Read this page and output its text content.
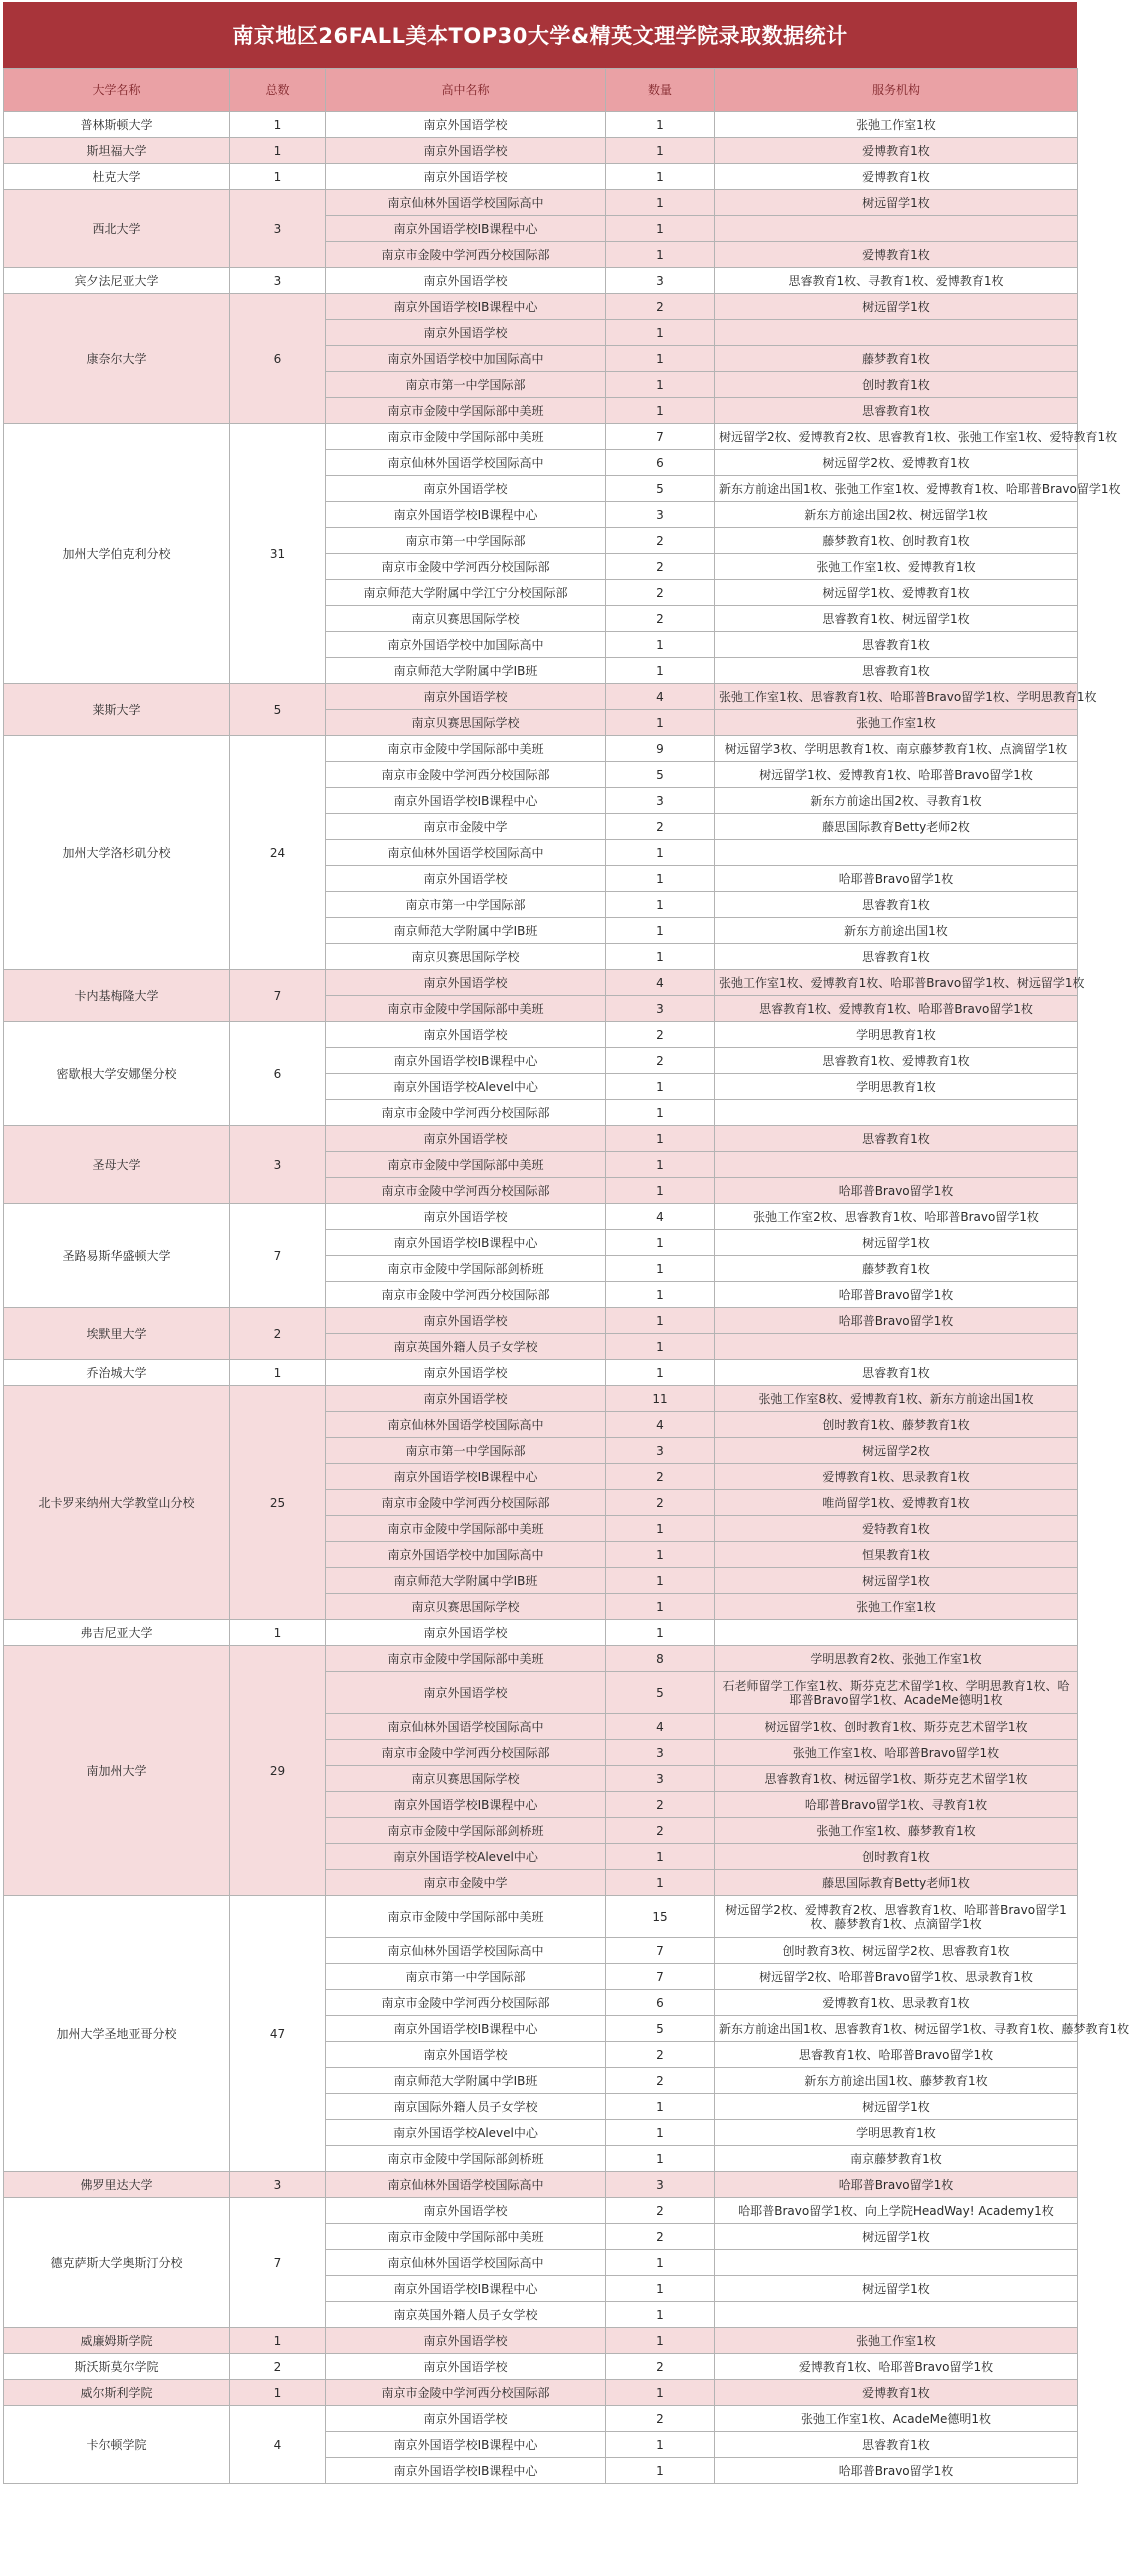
南京地区26FALL美本TOP30大学&精英文理学院录取数据统计
大学名称	总数	高中名称	数量	服务机构
普林斯顿大学	1	南京外国语学校	1	张弛工作室1枚
斯坦福大学	1	南京外国语学校	1	爱博教育1枚
杜克大学	1	南京外国语学校	1	爱博教育1枚
西北大学	3	南京仙林外国语学校国际高中	1	树远留学1枚
		南京外国语学校IB课程中心	1	
		南京市金陵中学河西分校国际部	1	爱博教育1枚
宾夕法尼亚大学	3	南京外国语学校	3	思睿教育1枚、寻教育1枚、爱博教育1枚
康奈尔大学	6	南京外国语学校IB课程中心	2	树远留学1枚
		南京外国语学校	1	
		南京外国语学校中加国际高中	1	藤梦教育1枚
		南京市第一中学国际部	1	创时教育1枚
		南京市金陵中学国际部中美班	1	思睿教育1枚
加州大学伯克利分校	31	南京市金陵中学国际部中美班	7	树远留学2枚、爱博教育2枚、思睿教育1枚、张弛工作室1枚、爱特教育1枚
		南京仙林外国语学校国际高中	6	树远留学2枚、爱博教育1枚
		南京外国语学校	5	新东方前途出国1枚、张弛工作室1枚、爱博教育1枚、哈耶普Bravo留学1枚
		南京外国语学校IB课程中心	3	新东方前途出国2枚、树远留学1枚
		南京市第一中学国际部	2	藤梦教育1枚、创时教育1枚
		南京市金陵中学河西分校国际部	2	张弛工作室1枚、爱博教育1枚
		南京师范大学附属中学江宁分校国际部	2	树远留学1枚、爱博教育1枚
		南京贝赛思国际学校	2	思睿教育1枚、树远留学1枚
		南京外国语学校中加国际高中	1	思睿教育1枚
		南京师范大学附属中学IB班	1	思睿教育1枚
莱斯大学	5	南京外国语学校	4	张弛工作室1枚、思睿教育1枚、哈耶普Bravo留学1枚、学明思教育1枚
		南京贝赛思国际学校	1	张弛工作室1枚
加州大学洛杉矶分校	24	南京市金陵中学国际部中美班	9	树远留学3枚、学明思教育1枚、南京藤梦教育1枚、点滴留学1枚
		南京市金陵中学河西分校国际部	5	树远留学1枚、爱博教育1枚、哈耶普Bravo留学1枚
		南京外国语学校IB课程中心	3	新东方前途出国2枚、寻教育1枚
		南京市金陵中学	2	藤思国际教育Betty老师2枚
		南京仙林外国语学校国际高中	1	
		南京外国语学校	1	哈耶普Bravo留学1枚
		南京市第一中学国际部	1	思睿教育1枚
		南京师范大学附属中学IB班	1	新东方前途出国1枚
		南京贝赛思国际学校	1	思睿教育1枚
卡内基梅隆大学	7	南京外国语学校	4	张弛工作室1枚、爱博教育1枚、哈耶普Bravo留学1枚、树远留学1枚
		南京市金陵中学国际部中美班	3	思睿教育1枚、爱博教育1枚、哈耶普Bravo留学1枚
密歇根大学安娜堡分校	6	南京外国语学校	2	学明思教育1枚
		南京外国语学校IB课程中心	2	思睿教育1枚、爱博教育1枚
		南京外国语学校Alevel中心	1	学明思教育1枚
		南京市金陵中学河西分校国际部	1	
圣母大学	3	南京外国语学校	1	思睿教育1枚
		南京市金陵中学国际部中美班	1	
		南京市金陵中学河西分校国际部	1	哈耶普Bravo留学1枚
圣路易斯华盛顿大学	7	南京外国语学校	4	张弛工作室2枚、思睿教育1枚、哈耶普Bravo留学1枚
		南京外国语学校IB课程中心	1	树远留学1枚
		南京市金陵中学国际部剑桥班	1	藤梦教育1枚
		南京市金陵中学河西分校国际部	1	哈耶普Bravo留学1枚
埃默里大学	2	南京外国语学校	1	哈耶普Bravo留学1枚
		南京英国外籍人员子女学校	1	
乔治城大学	1	南京外国语学校	1	思睿教育1枚
北卡罗来纳州大学教堂山分校	25	南京外国语学校	11	张弛工作室8枚、爱博教育1枚、新东方前途出国1枚
		南京仙林外国语学校国际高中	4	创时教育1枚、藤梦教育1枚
		南京市第一中学国际部	3	树远留学2枚
		南京外国语学校IB课程中心	2	爱博教育1枚、思录教育1枚
		南京市金陵中学河西分校国际部	2	唯尚留学1枚、爱博教育1枚
		南京市金陵中学国际部中美班	1	爱特教育1枚
		南京外国语学校中加国际高中	1	恒果教育1枚
		南京师范大学附属中学IB班	1	树远留学1枚
		南京贝赛思国际学校	1	张弛工作室1枚
弗吉尼亚大学	1	南京外国语学校	1	
南加州大学	29	南京市金陵中学国际部中美班	8	学明思教育2枚、张弛工作室1枚
		南京外国语学校	5	石老师留学工作室1枚、斯芬克艺术留学1枚、学明思教育1枚、哈耶普Bravo留学1枚、AcadeMe德明1枚
		南京仙林外国语学校国际高中	4	树远留学1枚、创时教育1枚、斯芬克艺术留学1枚
		南京市金陵中学河西分校国际部	3	张弛工作室1枚、哈耶普Bravo留学1枚
		南京贝赛思国际学校	3	思睿教育1枚、树远留学1枚、斯芬克艺术留学1枚
		南京外国语学校IB课程中心	2	哈耶普Bravo留学1枚、寻教育1枚
		南京市金陵中学国际部剑桥班	2	张弛工作室1枚、藤梦教育1枚
		南京外国语学校Alevel中心	1	创时教育1枚
		南京市金陵中学	1	藤思国际教育Betty老师1枚
加州大学圣地亚哥分校	47	南京市金陵中学国际部中美班	15	树远留学2枚、爱博教育2枚、思睿教育1枚、哈耶普Bravo留学1枚、藤梦教育1枚、点滴留学1枚
		南京仙林外国语学校国际高中	7	创时教育3枚、树远留学2枚、思睿教育1枚
		南京市第一中学国际部	7	树远留学2枚、哈耶普Bravo留学1枚、思录教育1枚
		南京市金陵中学河西分校国际部	6	爱博教育1枚、思录教育1枚
		南京外国语学校IB课程中心	5	新东方前途出国1枚、思睿教育1枚、树远留学1枚、寻教育1枚、藤梦教育1枚
		南京外国语学校	2	思睿教育1枚、哈耶普Bravo留学1枚
		南京师范大学附属中学IB班	2	新东方前途出国1枚、藤梦教育1枚
		南京国际外籍人员子女学校	1	树远留学1枚
		南京外国语学校Alevel中心	1	学明思教育1枚
		南京市金陵中学国际部剑桥班	1	南京藤梦教育1枚
佛罗里达大学	3	南京仙林外国语学校国际高中	3	哈耶普Bravo留学1枚
德克萨斯大学奥斯汀分校	7	南京外国语学校	2	哈耶普Bravo留学1枚、向上学院HeadWay! Academy1枚
		南京市金陵中学国际部中美班	2	树远留学1枚
		南京仙林外国语学校国际高中	1	
		南京外国语学校IB课程中心	1	树远留学1枚
		南京英国外籍人员子女学校	1	
威廉姆斯学院	1	南京外国语学校	1	张弛工作室1枚
斯沃斯莫尔学院	2	南京外国语学校	2	爱博教育1枚、哈耶普Bravo留学1枚
威尔斯利学院	1	南京市金陵中学河西分校国际部	1	爱博教育1枚
卡尔顿学院	4	南京外国语学校	2	张弛工作室1枚、AcadeMe德明1枚
		南京外国语学校IB课程中心	1	思睿教育1枚
		南京外国语学校IB课程中心	1	哈耶普Bravo留学1枚
